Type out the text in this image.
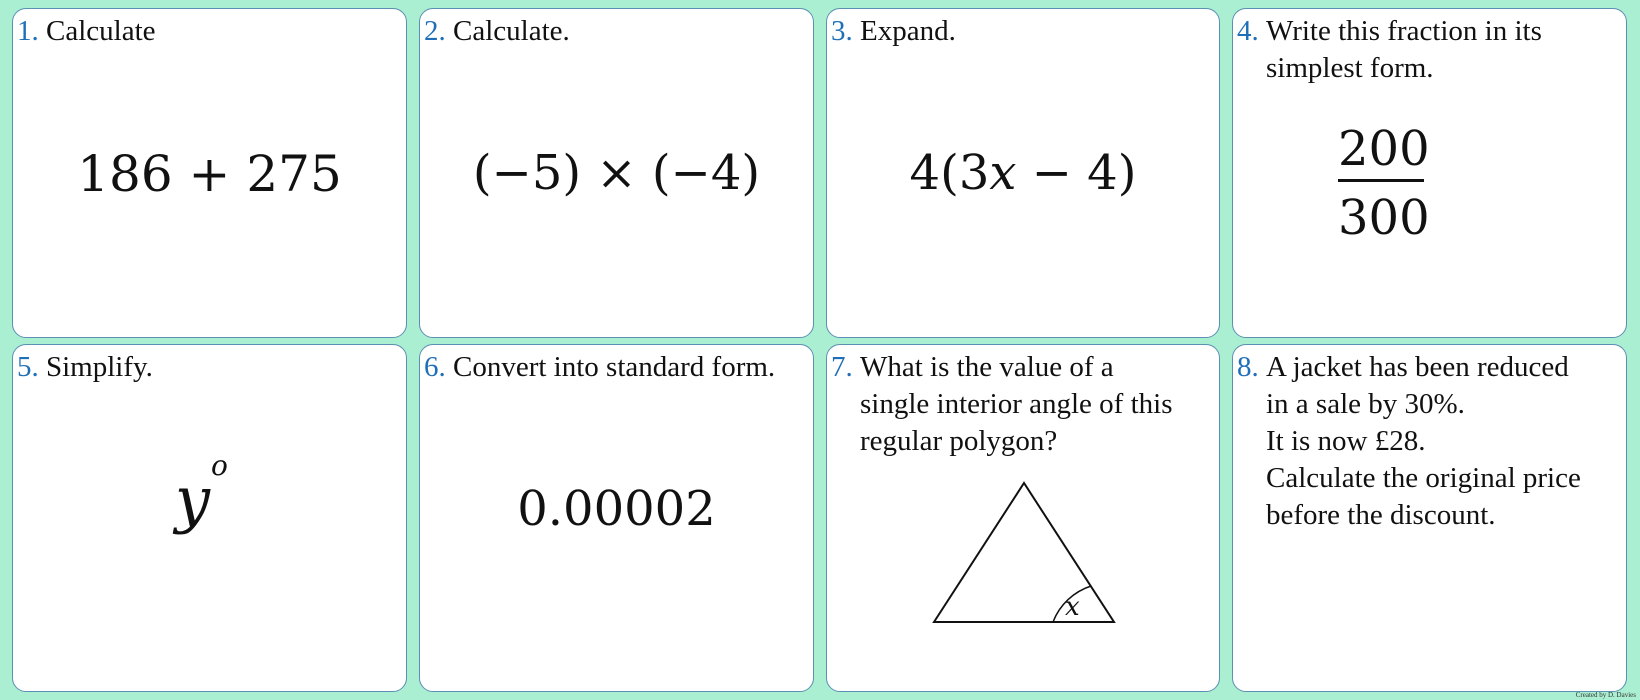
1. Calculate
186 + 275
2. Calculate.
(−5) × (−4)
3. Expand.
4(3x − 4)
4. Write this fraction in its
simplest form.
200
300
5. Simplify.
y o
6. Convert into standard form.
0.00002
7. What is the value of a
single interior angle of this
regular polygon?
x
8. A jacket has been reduced
in a sale by 30%.
It is now £28.
Calculate the original price
before the discount.
Created by D. Davies
